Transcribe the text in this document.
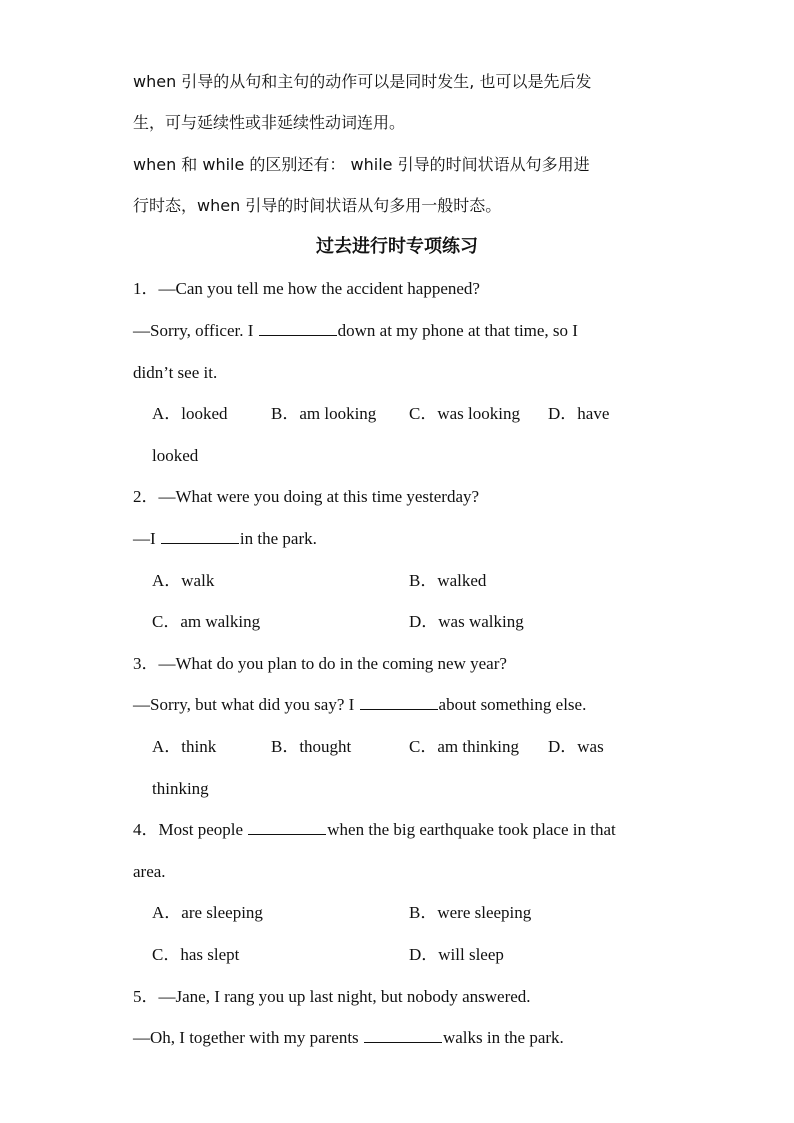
when 引导的从句和主句的动作可以是同时发生, 也可以是先后发
生，可与延续性或非延续性动词连用。
when 和 while 的区别还有： while 引导的时间状语从句多用进
行时态，when 引导的时间状语从句多用一般时态。
过去进行时专项练习
1．—Can you tell me how the accident happened?
—Sorry, officer. I	down at my phone at that time, so I
didn’t see it.
A．looked	B．am looking C．was looking D．have
looked
2．—What were you doing at this time yesterday?
—I	in the park.
A．walk	B．walked
C．am walking	D．was walking
3．—What do you plan to do in the coming new year?
—Sorry, but what did you say? I	about something else.
A．think	B．thought	C．am thinking D．was
thinking
4．Most people	when the big earthquake took place in that
area.
A．are sleeping	B．were sleeping
C．has slept	D．will sleep
5．—Jane, I rang you up last night, but nobody answered.
—Oh, I together with my parents	walks in the park.
